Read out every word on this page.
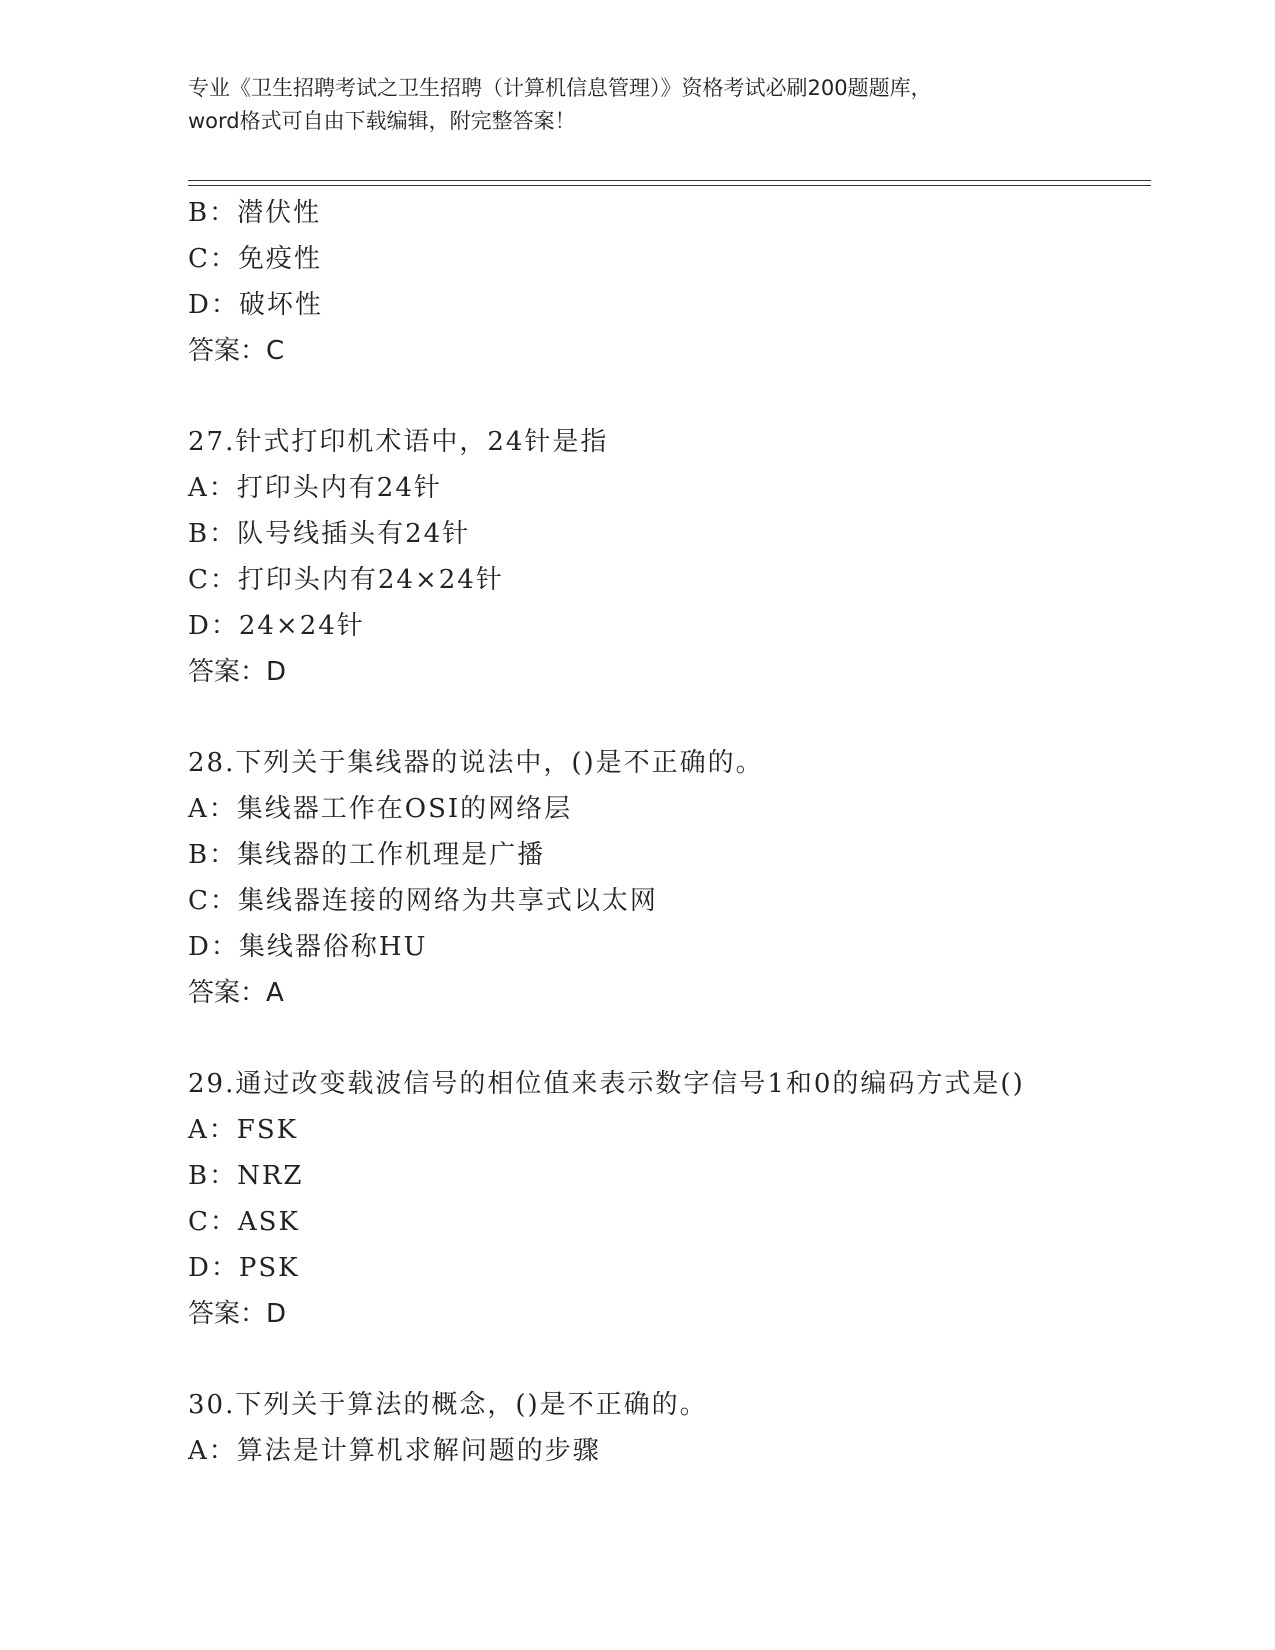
专业《卫生招聘考试之卫生招聘（计算机信息管理）》资格考试必刷200题题库，
word格式可自由下载编辑，附完整答案！
B：潜伏性
C：免疫性
D：破坏性
答案：C
27.针式打印机术语中，24针是指
A：打印头内有24针
B：队号线插头有24针
C：打印头内有24×24针
D：24×24针
答案：D
28.下列关于集线器的说法中，()是不正确的。
A：集线器工作在OSI的网络层
B：集线器的工作机理是广播
C：集线器连接的网络为共享式以太网
D：集线器俗称HU
答案：A
29.通过改变载波信号的相位值来表示数字信号1和0的编码方式是()
A：FSK
B：NRZ
C：ASK
D：PSK
答案：D
30.下列关于算法的概念，()是不正确的。
A：算法是计算机求解问题的步骤
